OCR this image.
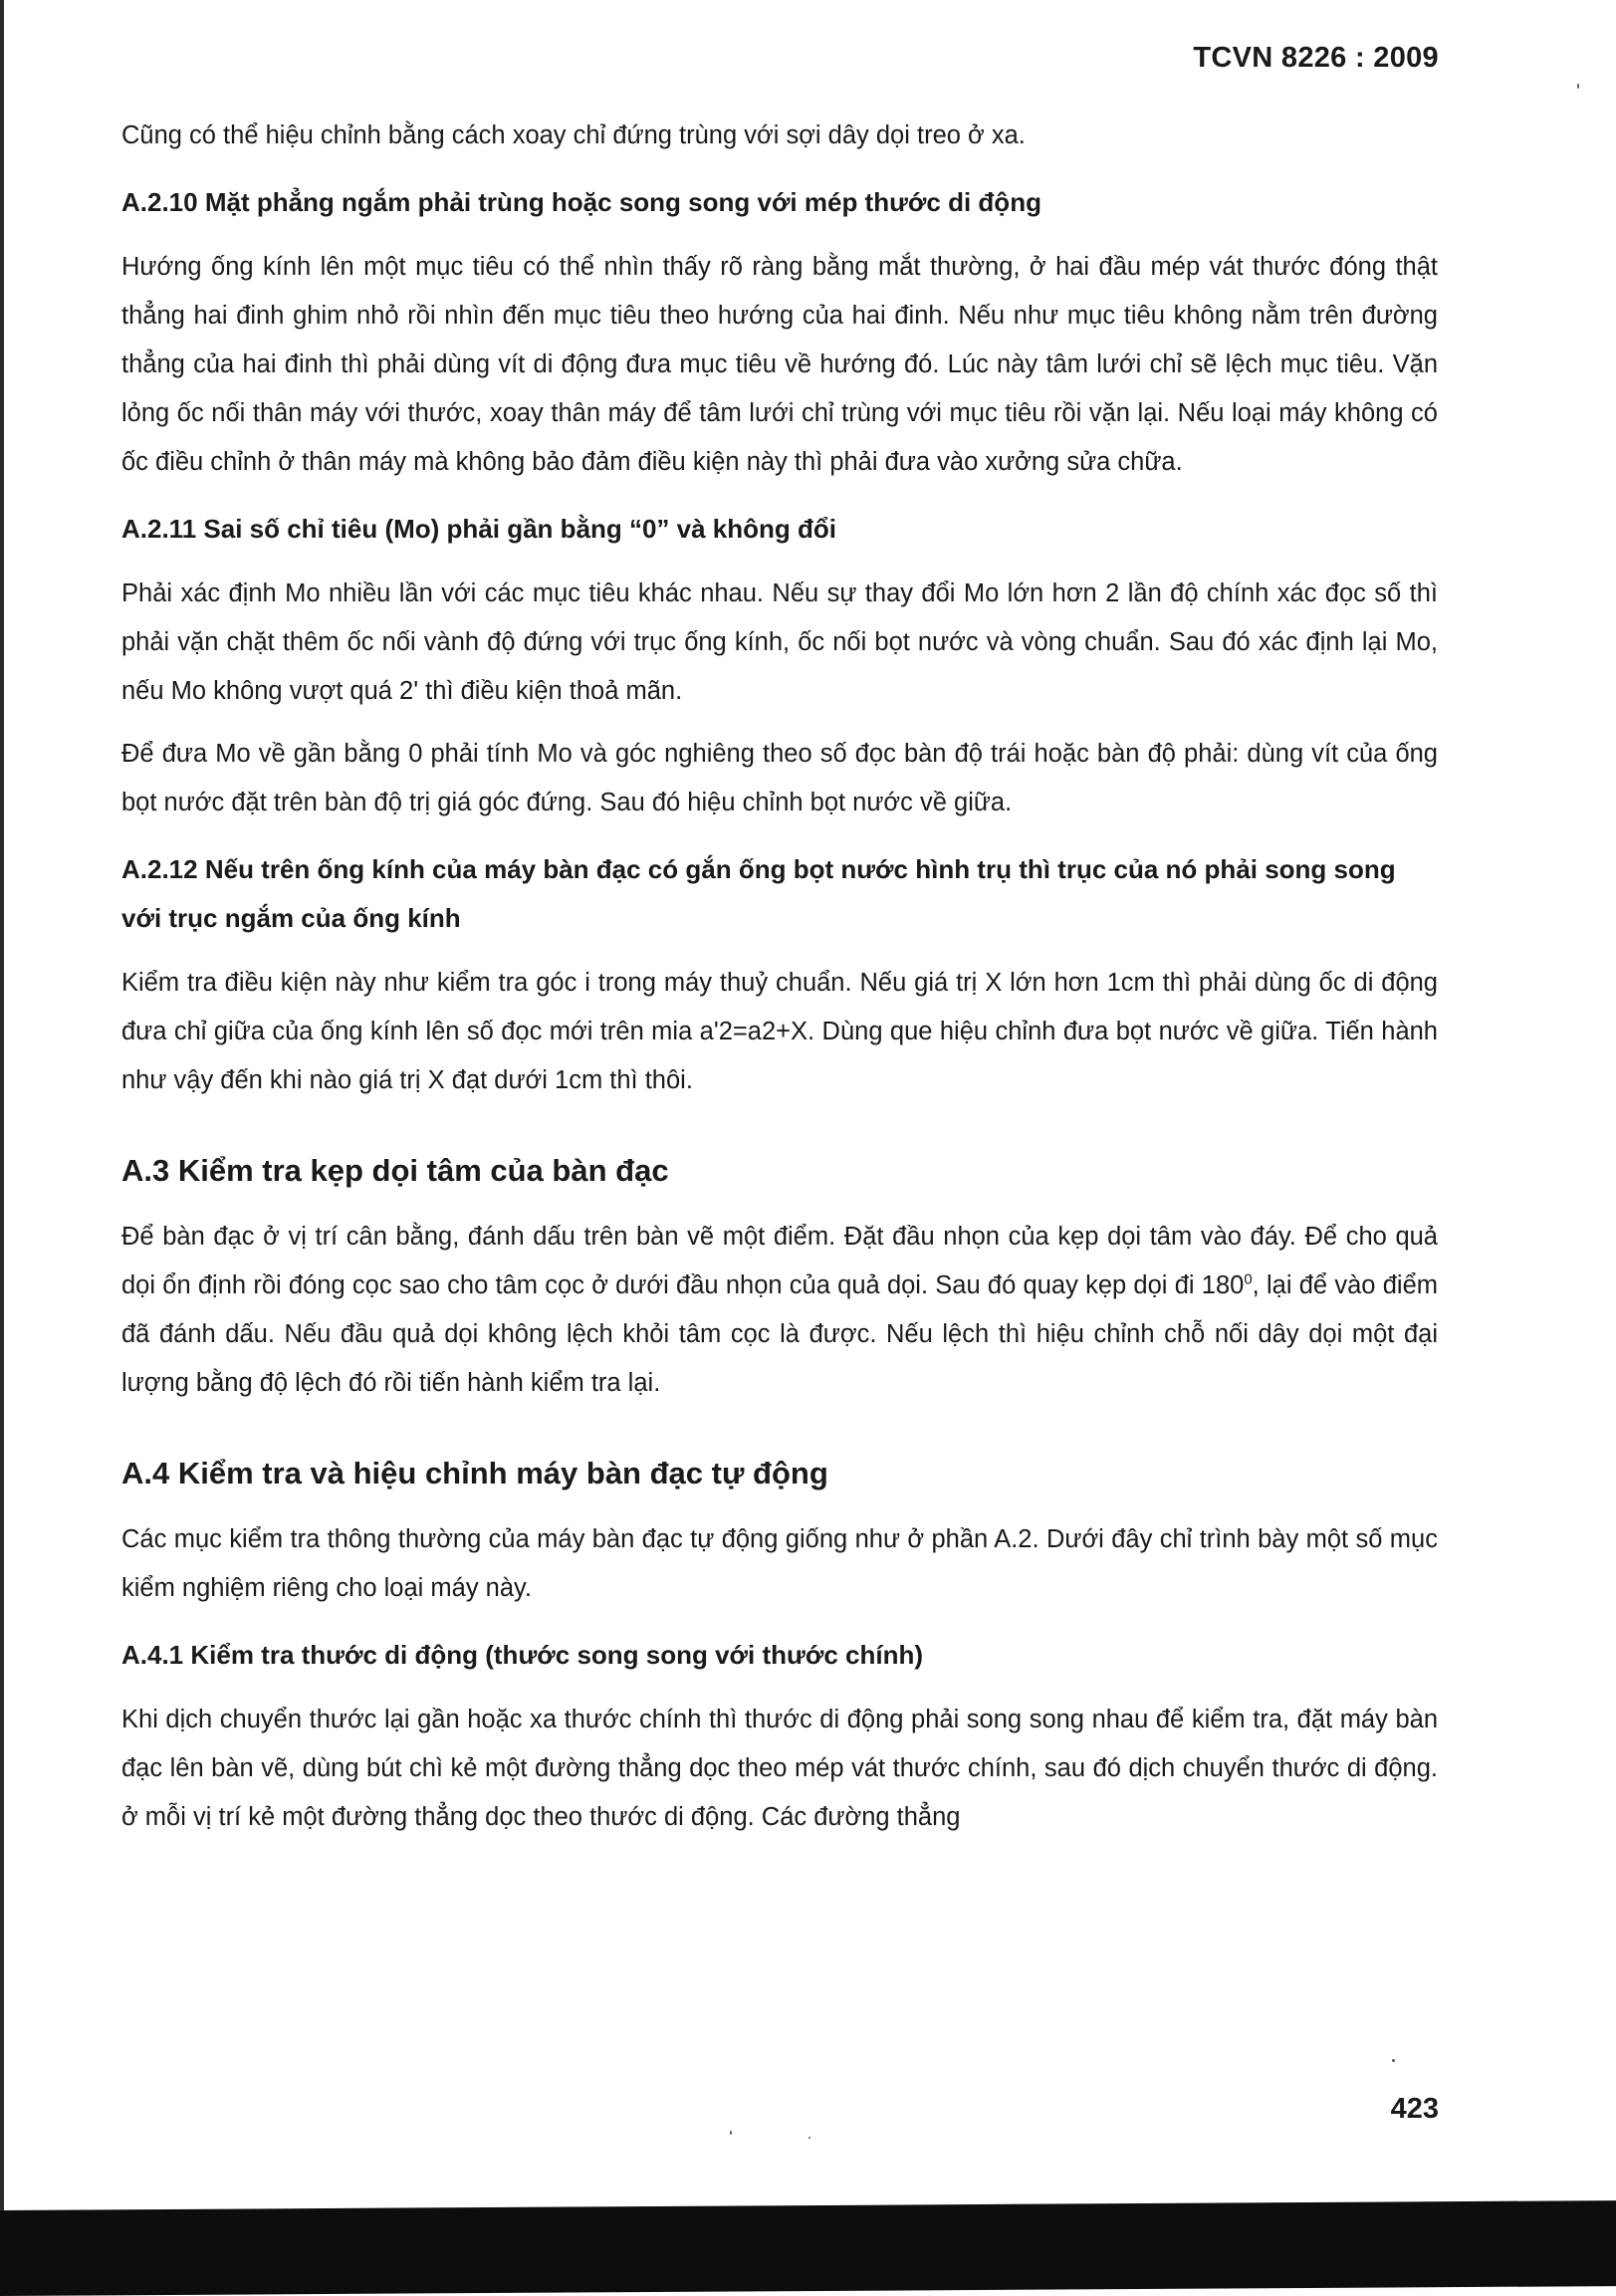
TCVN 8226 : 2009

Cũng có thể hiệu chỉnh bằng cách xoay chỉ đứng trùng với sợi dây dọi treo ở xa.

A.2.10 Mặt phẳng ngắm phải trùng hoặc song song với mép thước di động

Hướng ống kính lên một mục tiêu có thể nhìn thấy rõ ràng bằng mắt thường, ở hai đầu mép vát thước đóng thật thẳng hai đinh ghim nhỏ rồi nhìn đến mục tiêu theo hướng của hai đinh. Nếu như mục tiêu không nằm trên đường thẳng của hai đinh thì phải dùng vít di động đưa mục tiêu về hướng đó. Lúc này tâm lưới chỉ sẽ lệch mục tiêu. Vặn lỏng ốc nối thân máy với thước, xoay thân máy để tâm lưới chỉ trùng với mục tiêu rồi vặn lại. Nếu loại máy không có ốc điều chỉnh ở thân máy mà không bảo đảm điều kiện này thì phải đưa vào xưởng sửa chữa.

A.2.11 Sai số chỉ tiêu (Mo) phải gần bằng “0” và không đổi

Phải xác định Mo nhiều lần với các mục tiêu khác nhau. Nếu sự thay đổi Mo lớn hơn 2 lần độ chính xác đọc số thì phải vặn chặt thêm ốc nối vành độ đứng với trục ống kính, ốc nối bọt nước và vòng chuẩn. Sau đó xác định lại Mo, nếu Mo không vượt quá 2' thì điều kiện thoả mãn.

Để đưa Mo về gần bằng 0 phải tính Mo và góc nghiêng theo số đọc bàn độ trái hoặc bàn độ phải: dùng vít của ống bọt nước đặt trên bàn độ trị giá góc đứng. Sau đó hiệu chỉnh bọt nước về giữa.

A.2.12 Nếu trên ống kính của máy bàn đạc có gắn ống bọt nước hình trụ thì trục của nó phải song song với trục ngắm của ống kính

Kiểm tra điều kiện này như kiểm tra góc i trong máy thuỷ chuẩn. Nếu giá trị X lớn hơn 1cm thì phải dùng ốc di động đưa chỉ giữa của ống kính lên số đọc mới trên mia a'2=a2+X. Dùng que hiệu chỉnh đưa bọt nước về giữa. Tiến hành như vậy đến khi nào giá trị X đạt dưới 1cm thì thôi.

A.3 Kiểm tra kẹp dọi tâm của bàn đạc

Để bàn đạc ở vị trí cân bằng, đánh dấu trên bàn vẽ một điểm. Đặt đầu nhọn của kẹp dọi tâm vào đáy. Để cho quả dọi ổn định rồi đóng cọc sao cho tâm cọc ở dưới đầu nhọn của quả dọi. Sau đó quay kẹp dọi đi $180^0$, lại để vào điểm đã đánh dấu. Nếu đầu quả dọi không lệch khỏi tâm cọc là được. Nếu lệch thì hiệu chỉnh chỗ nối dây dọi một đại lượng bằng độ lệch đó rồi tiến hành kiểm tra lại.

A.4 Kiểm tra và hiệu chỉnh máy bàn đạc tự động

Các mục kiểm tra thông thường của máy bàn đạc tự động giống như ở phần A.2. Dưới đây chỉ trình bày một số mục kiểm nghiệm riêng cho loại máy này.

A.4.1 Kiểm tra thước di động (thước song song với thước chính)

Khi dịch chuyển thước lại gần hoặc xa thước chính thì thước di động phải song song nhau để kiểm tra, đặt máy bàn đạc lên bàn vẽ, dùng bút chì kẻ một đường thẳng dọc theo mép vát thước chính, sau đó dịch chuyển thước di động. ở mỗi vị trí kẻ một đường thẳng dọc theo thước di động. Các đường thẳng

423
